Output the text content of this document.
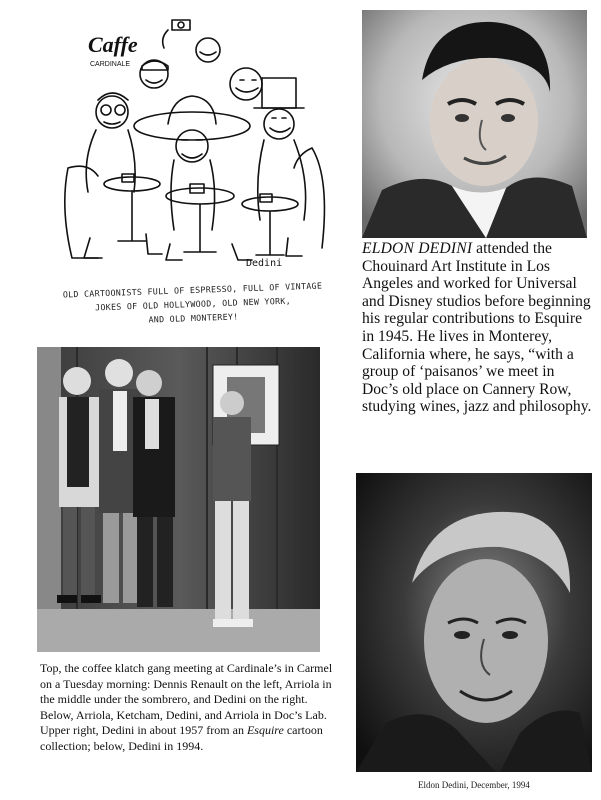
Caffe
CARDINALE
Dedini
OLD CARTOONISTS FULL OF ESPRESSO, FULL OF VINTAGE
JOKES OF OLD HOLLYWOOD, OLD NEW YORK,
AND OLD MONTEREY!
ELDON DEDINI attended the Chouinard Art Institute in Los Angeles and worked for Universal and Disney studios before beginning his regular contributions to Esquire in 1945. He lives in Monterey, California where, he says, “with a group of ‘paisanos’ we meet in Doc’s old place on Cannery Row, studying wines, jazz and philosophy.
Top, the coffee klatch gang meeting at Cardinale’s in Carmel on a Tuesday morning: Dennis Renault on the left, Arriola in the middle under the sombrero, and Dedini on the right. Below, Arriola, Ketcham, Dedini, and Arriola in Doc’s Lab. Upper right, Dedini in about 1957 from an Esquire cartoon collection; below, Dedini in 1994.
Eldon Dedini, December, 1994
